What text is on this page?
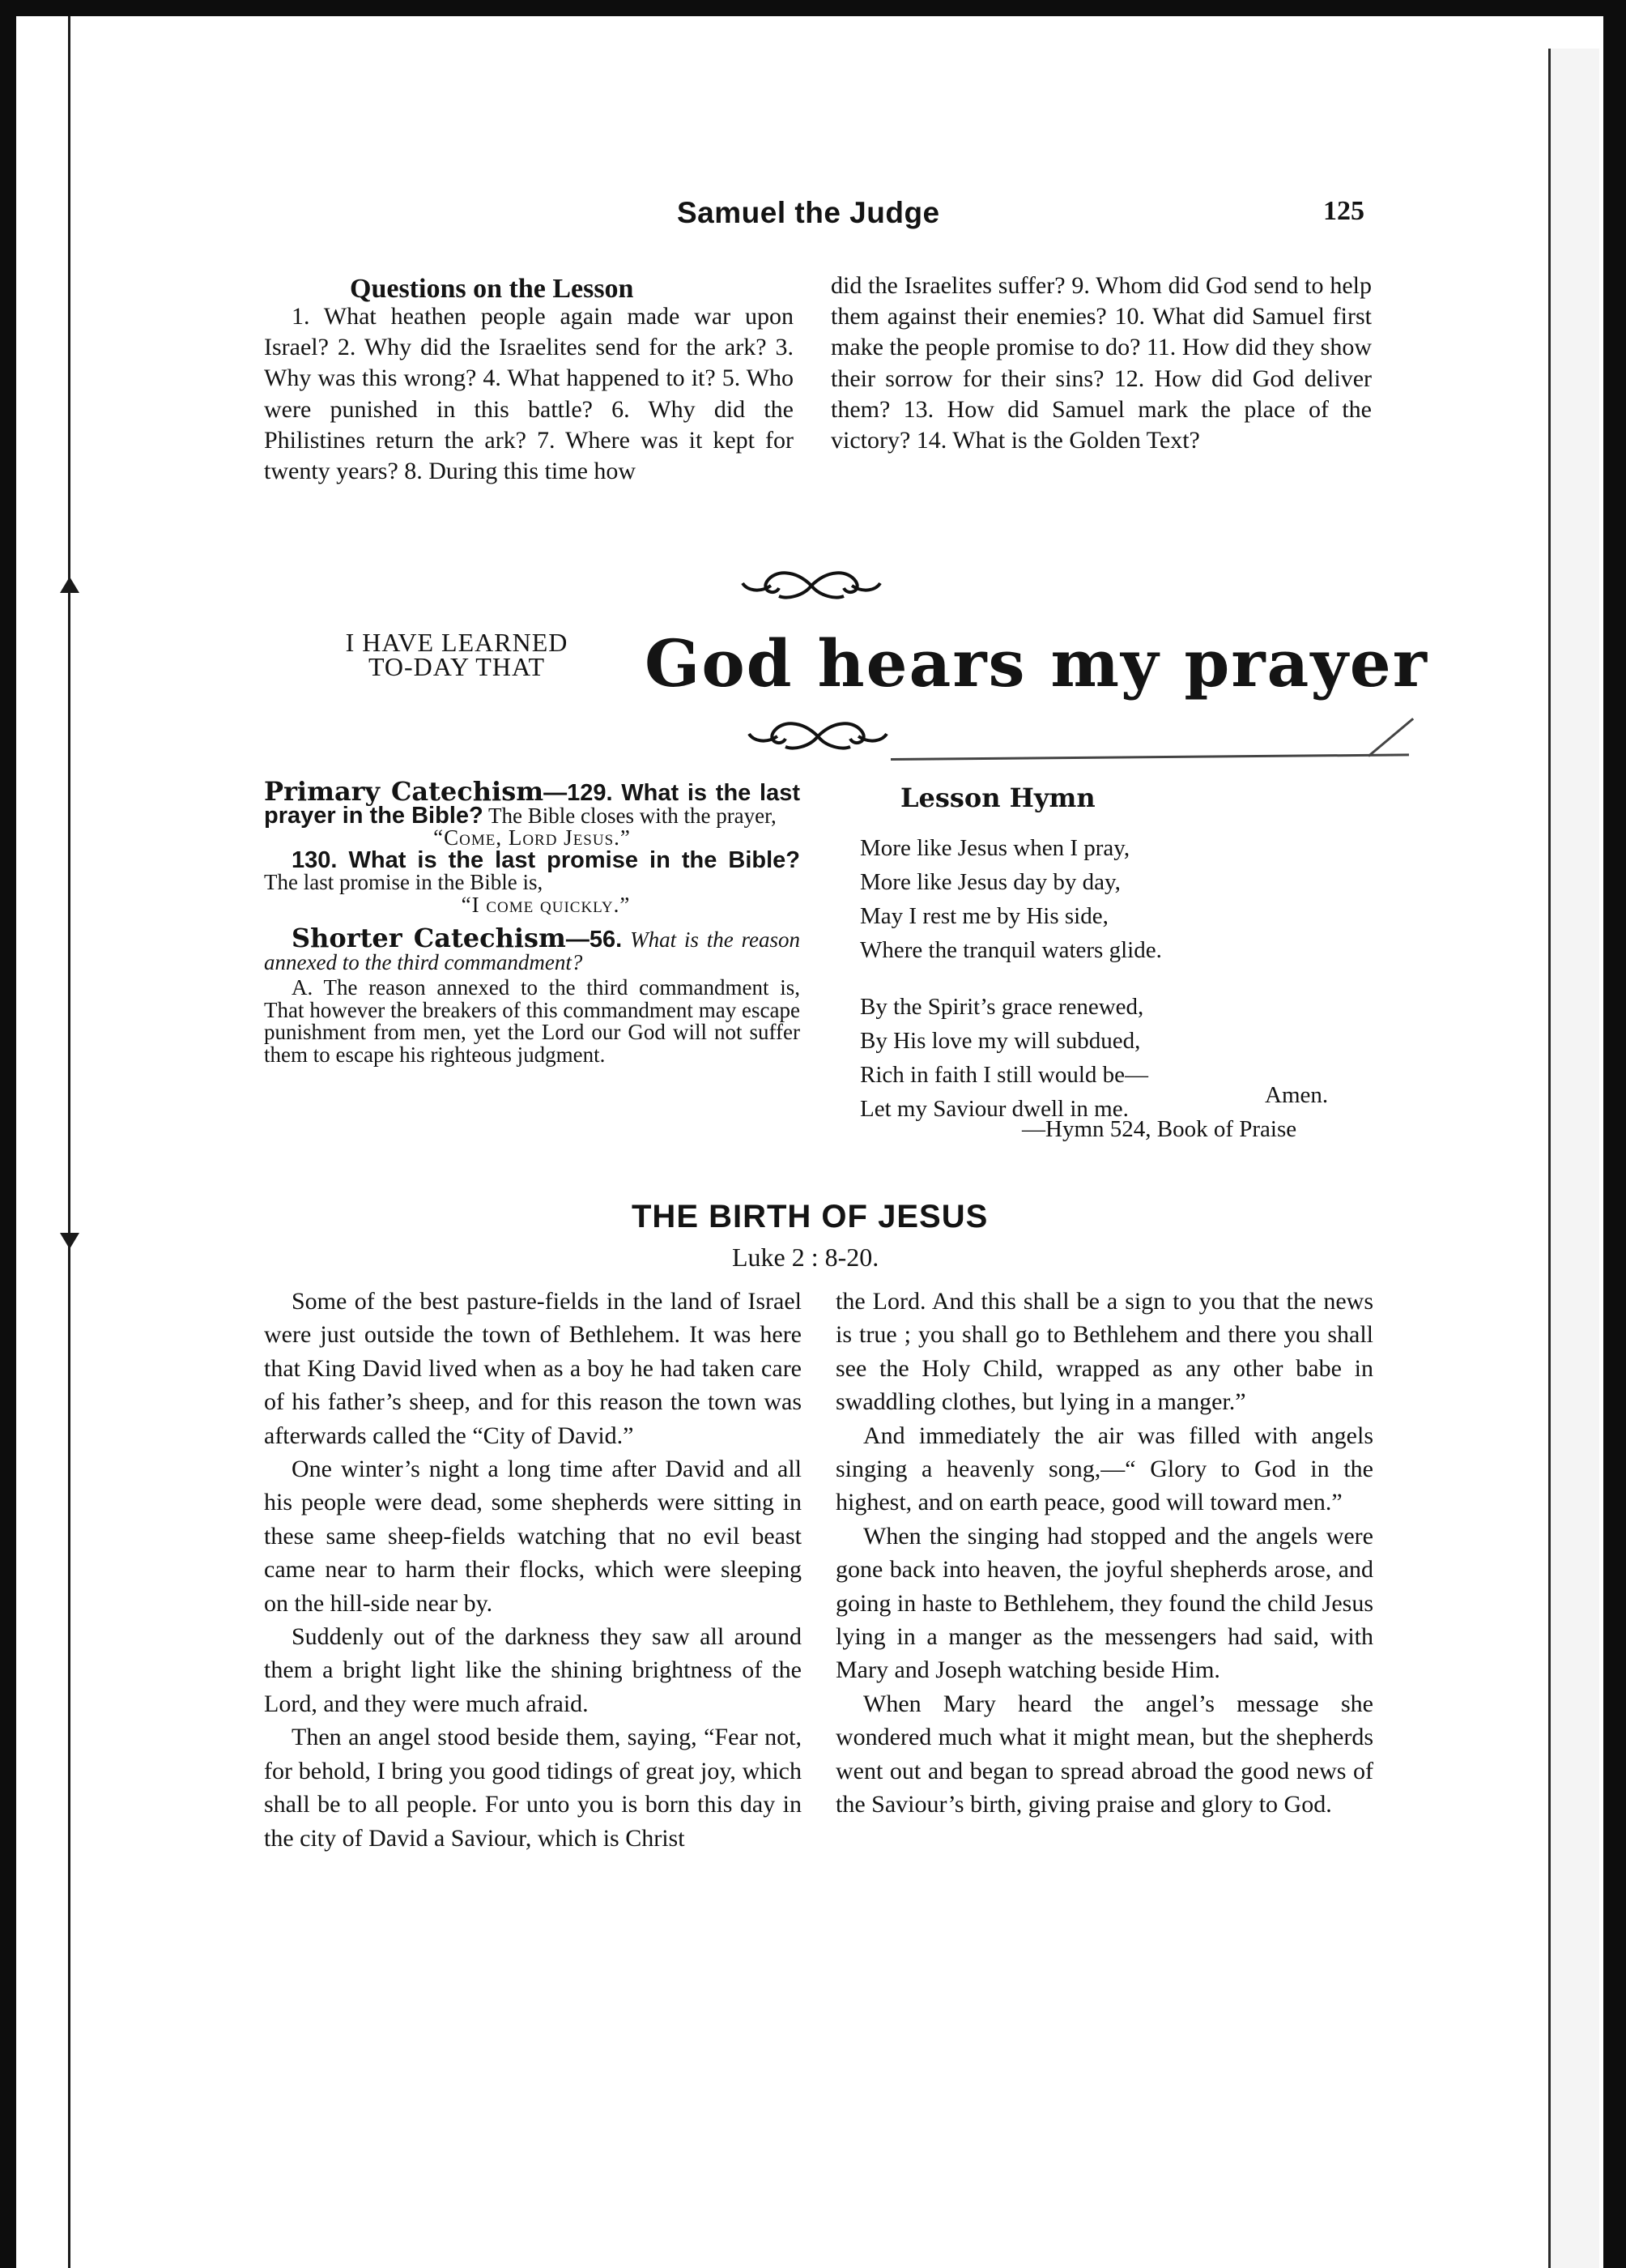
Samuel the Judge	125
Questions on the Lesson

1. What heathen people again made war upon Israel? 2. Why did the Israelites send for the ark? 3. Why was this wrong? 4. What happened to it? 5. Who were punished in this battle? 6. Why did the Philistines return the ark? 7. Where was it kept for twenty years? 8. During this time how

did the Israelites suffer? 9. Whom did God send to help them against their enemies? 10. What did Samuel first make the people promise to do? 11. How did they show their sorrow for their sins? 12. How did God deliver them? 13. How did Samuel mark the place of the victory? 14. What is the Golden Text?

I HAVE LEARNED
TO-DAY THAT	God hears my prayer

Primary Catechism—129. What is the last prayer in the Bible? The Bible closes with the prayer,
“Come, Lord Jesus.”

130. What is the last promise in the Bible? The last promise in the Bible is,
“I come quickly.”

Shorter Catechism—56. What is the reason annexed to the third commandment?

A. The reason annexed to the third commandment is, That however the breakers of this commandment may escape punishment from men, yet the Lord our God will not suffer them to escape his righteous judgment.

Lesson Hymn

More like Jesus when I pray,

More like Jesus day by day,

May I rest me by His side,

Where the tranquil waters glide.

By the Spirit’s grace renewed,

By His love my will subdued,

Rich in faith I still would be—

Let my Saviour dwell in me.

Amen.
—Hymn 524, Book of Praise
THE BIRTH OF JESUS
Luke 2 : 8-20.

Some of the best pasture-fields in the land of Israel were just outside the town of Bethlehem. It was here that King David lived when as a boy he had taken care of his father’s sheep, and for this reason the town was afterwards called the “City of David.”

One winter’s night a long time after David and all his people were dead, some shepherds were sitting in these same sheep-fields watching that no evil beast came near to harm their flocks, which were sleeping on the hill-side near by.

Suddenly out of the darkness they saw all around them a bright light like the shining brightness of the Lord, and they were much afraid.

Then an angel stood beside them, saying, “Fear not, for behold, I bring you good tidings of great joy, which shall be to all people. For unto you is born this day in the city of David a Saviour, which is Christ

the Lord. And this shall be a sign to you that the news is true ; you shall go to Bethlehem and there you shall see the Holy Child, wrapped as any other babe in swaddling clothes, but lying in a manger.”

And immediately the air was filled with angels singing a heavenly song,—“ Glory to God in the highest, and on earth peace, good will toward men.”

When the singing had stopped and the angels were gone back into heaven, the joyful shepherds arose, and going in haste to Bethlehem, they found the child Jesus lying in a manger as the messengers had said, with Mary and Joseph watching beside Him.

When Mary heard the angel’s message she wondered much what it might mean, but the shepherds went out and began to spread abroad the good news of the Saviour’s birth, giving praise and glory to God.
